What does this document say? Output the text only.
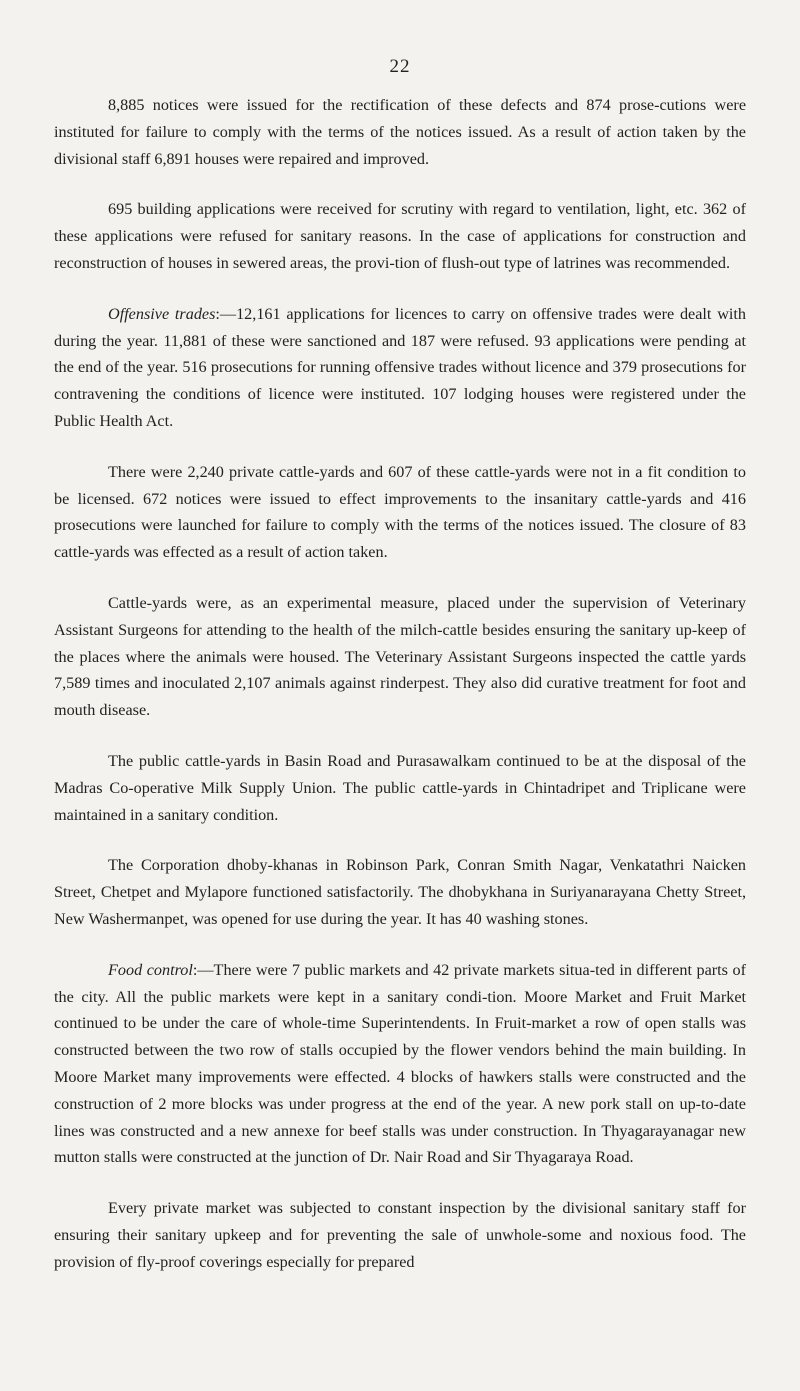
22

8,885 notices were issued for the rectification of these defects and 874 prose-cutions were instituted for failure to comply with the terms of the notices issued. As a result of action taken by the divisional staff 6,891 houses were repaired and improved.

695 building applications were received for scrutiny with regard to ventilation, light, etc. 362 of these applications were refused for sanitary reasons. In the case of applications for construction and reconstruction of houses in sewered areas, the provi-tion of flush-out type of latrines was recommended.

Offensive trades:—12,161 applications for licences to carry on offensive trades were dealt with during the year. 11,881 of these were sanctioned and 187 were refused. 93 applications were pending at the end of the year. 516 prosecutions for running offensive trades without licence and 379 prosecutions for contravening the conditions of licence were instituted. 107 lodging houses were registered under the Public Health Act.

There were 2,240 private cattle-yards and 607 of these cattle-yards were not in a fit condition to be licensed. 672 notices were issued to effect improvements to the insanitary cattle-yards and 416 prosecutions were launched for failure to comply with the terms of the notices issued. The closure of 83 cattle-yards was effected as a result of action taken.

Cattle-yards were, as an experimental measure, placed under the supervision of Veterinary Assistant Surgeons for attending to the health of the milch-cattle besides ensuring the sanitary up-keep of the places where the animals were housed. The Veterinary Assistant Surgeons inspected the cattle yards 7,589 times and inoculated 2,107 animals against rinderpest. They also did curative treatment for foot and mouth disease.

The public cattle-yards in Basin Road and Purasawalkam continued to be at the disposal of the Madras Co-operative Milk Supply Union. The public cattle-yards in Chintadripet and Triplicane were maintained in a sanitary condition.

The Corporation dhoby-khanas in Robinson Park, Conran Smith Nagar, Venkatathri Naicken Street, Chetpet and Mylapore functioned satisfactorily. The dhobykhana in Suriyanarayana Chetty Street, New Washermanpet, was opened for use during the year. It has 40 washing stones.

Food control:—There were 7 public markets and 42 private markets situa-ted in different parts of the city. All the public markets were kept in a sanitary condi-tion. Moore Market and Fruit Market continued to be under the care of whole-time Superintendents. In Fruit-market a row of open stalls was constructed between the two row of stalls occupied by the flower vendors behind the main building. In Moore Market many improvements were effected. 4 blocks of hawkers stalls were constructed and the construction of 2 more blocks was under progress at the end of the year. A new pork stall on up-to-date lines was constructed and a new annexe for beef stalls was under construction. In Thyagarayanagar new mutton stalls were constructed at the junction of Dr. Nair Road and Sir Thyagaraya Road.

Every private market was subjected to constant inspection by the divisional sanitary staff for ensuring their sanitary upkeep and for preventing the sale of unwhole-some and noxious food. The provision of fly-proof coverings especially for prepared
